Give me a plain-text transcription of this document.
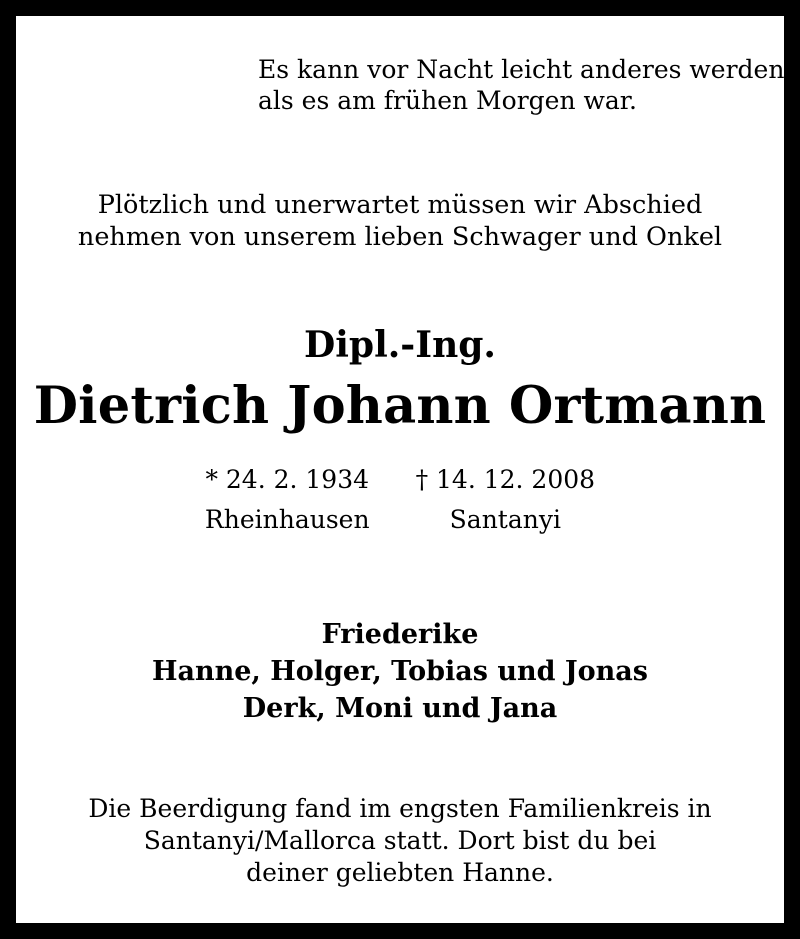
Es kann vor Nacht leicht anderes werden,
als es am frühen Morgen war.
Plötzlich und unerwartet müssen wir Abschied
nehmen von unserem lieben Schwager und Onkel
Dipl.-Ing.
Dietrich Johann Ortmann
* 24. 2. 1934
Rheinhausen
† 14. 12. 2008
Santanyi
Friederike
Hanne, Holger, Tobias und Jonas
Derk, Moni und Jana
Die Beerdigung fand im engsten Familienkreis in
Santanyi/Mallorca statt. Dort bist du bei
deiner geliebten Hanne.
